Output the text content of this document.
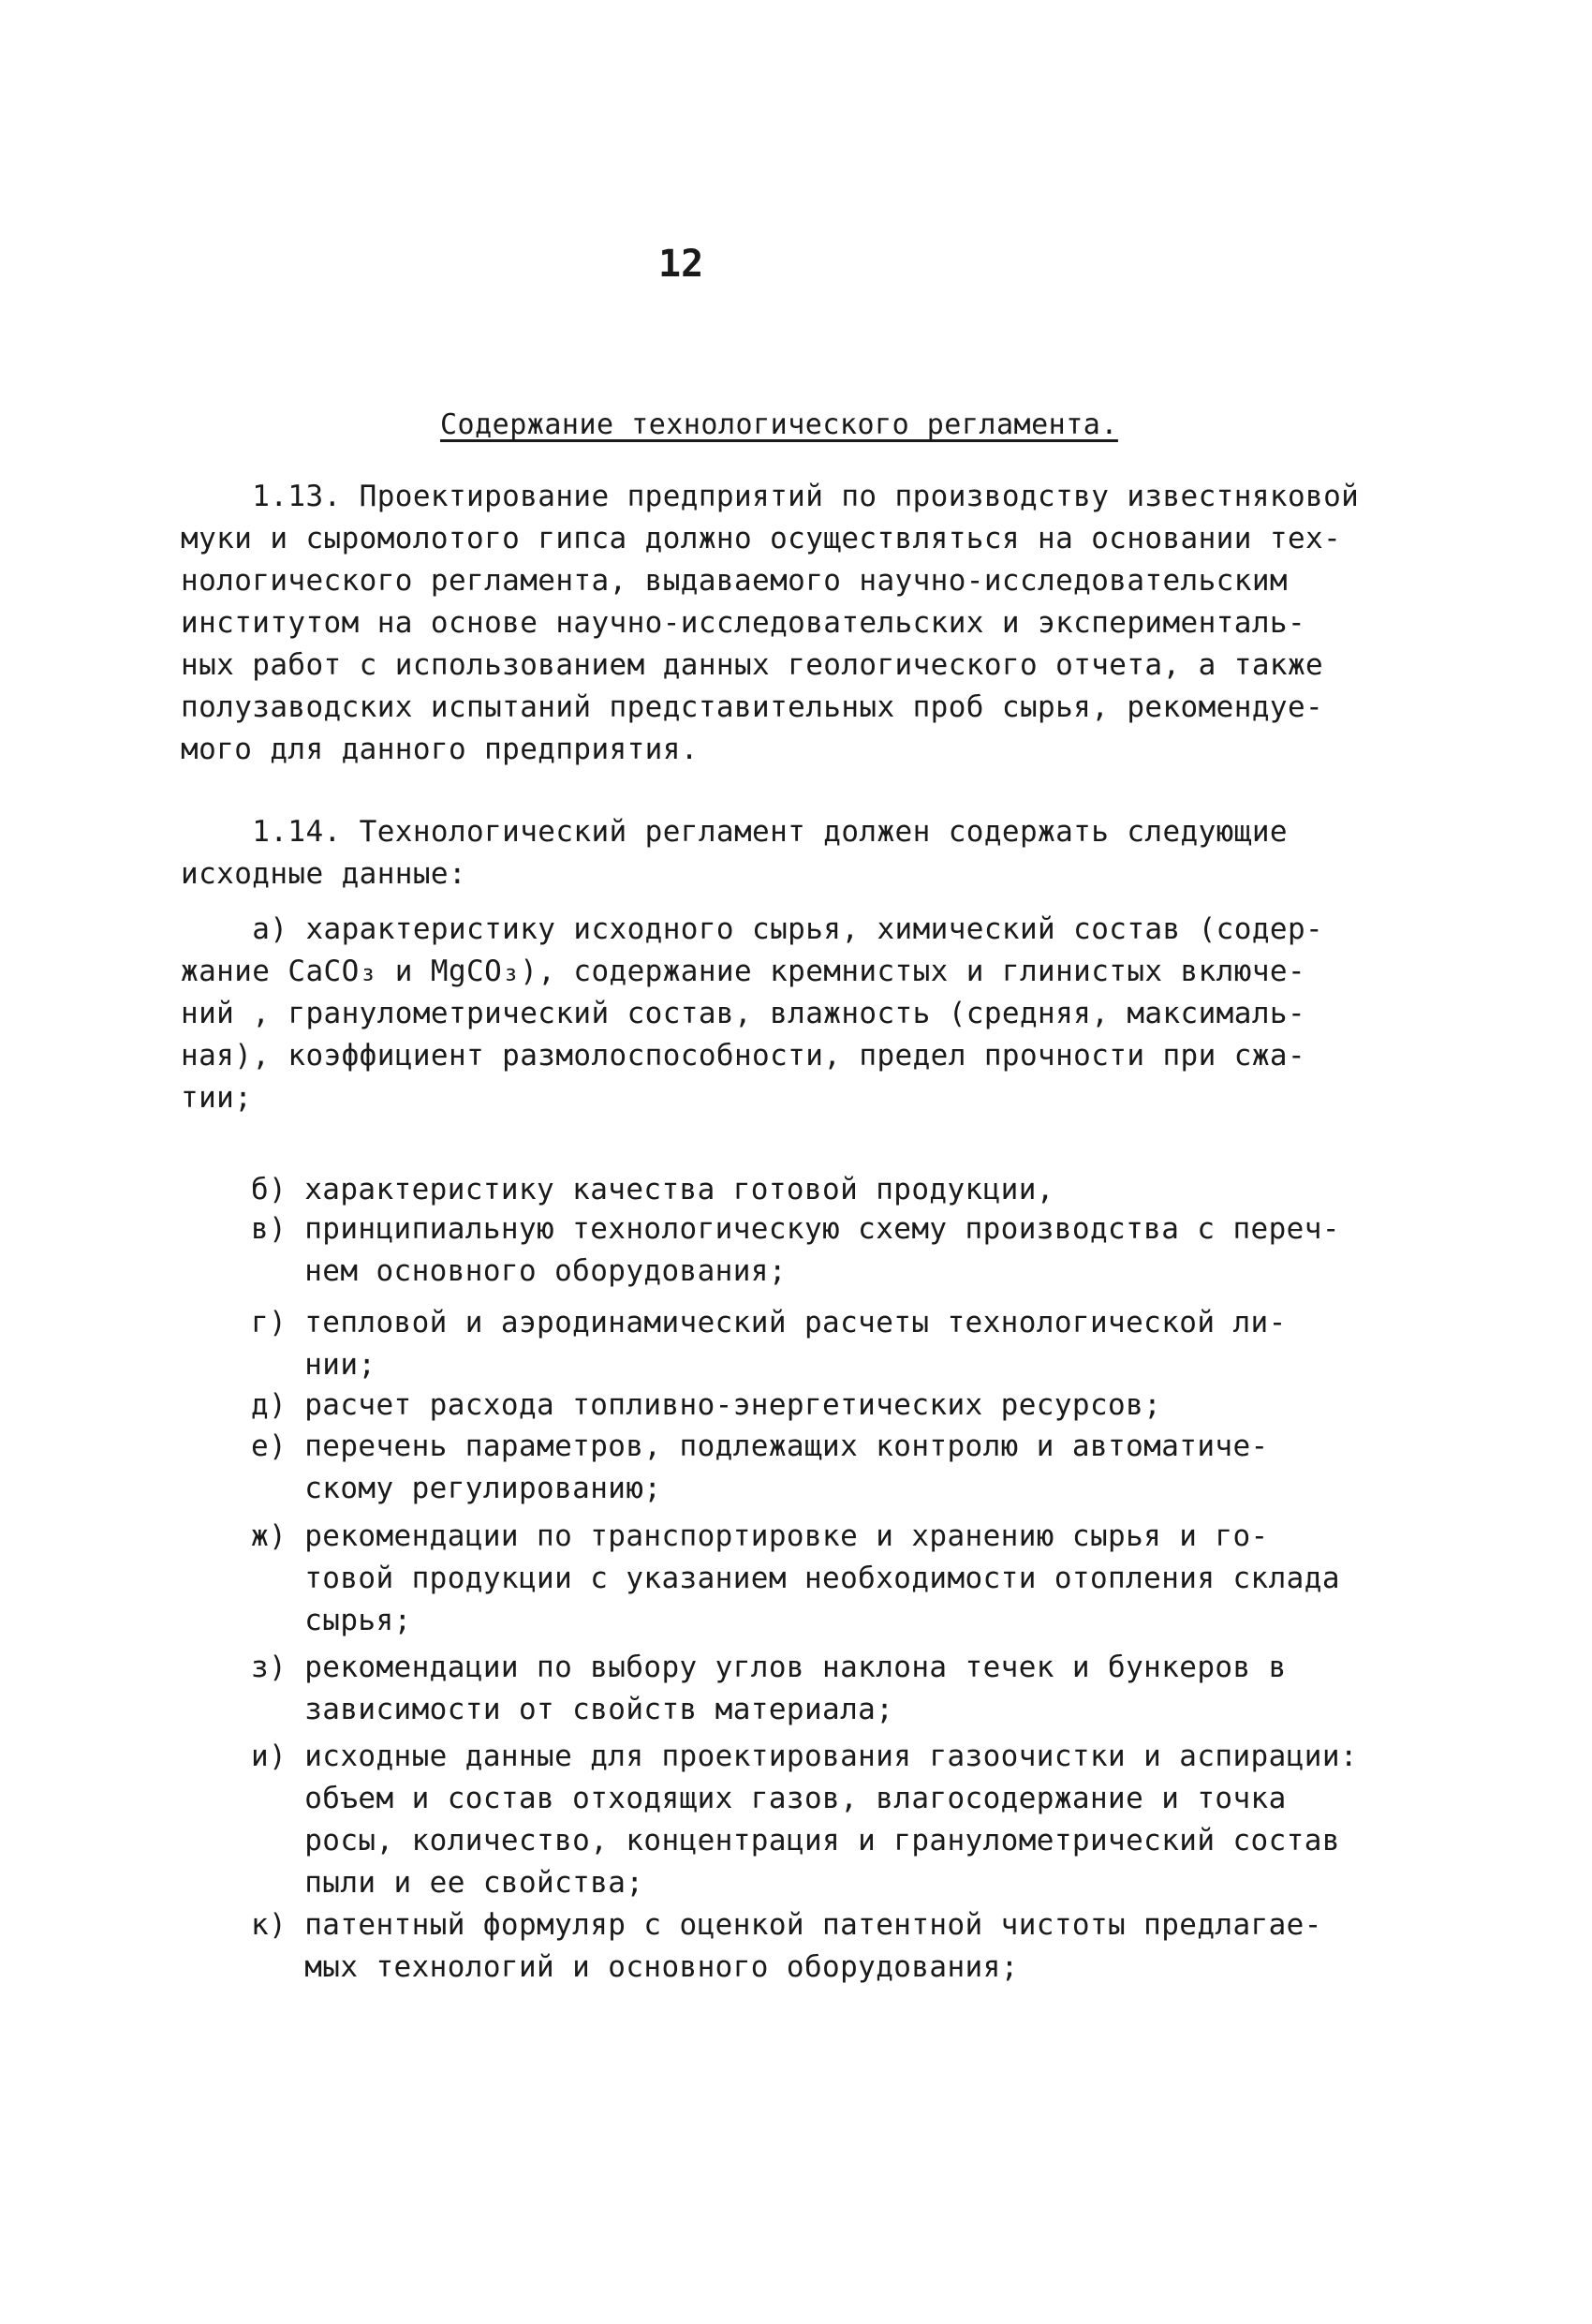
12
Содержание технологического регламента.
1.13. Проектирование предприятий по производству известняковой
муки и сыромолотого гипса должно осуществляться на основании тех-
нологического регламента, выдаваемого научно-исследовательским
институтом на основе научно-исследовательских и эксперименталь-
ных работ с использованием данных геологического отчета, а также
полузаводских испытаний представительных проб сырья, рекомендуе-
мого для данного предприятия.
1.14. Технологический регламент должен содержать следующие
исходные данные:
а) характеристику исходного сырья, химический состав (содер-
жание CaCO₃ и MgCO₃), содержание кремнистых и глинистых включе-
ний , гранулометрический состав, влажность (средняя, максималь-
ная), коэффициент размолоспособности, предел прочности при сжа-
тии;
б) характеристику качества готовой продукции,
в) принципиальную технологическую схему производства с переч-
нем основного оборудования;
г) тепловой и аэродинамический расчеты технологической ли-
нии;
д) расчет расхода топливно-энергетических ресурсов;
е) перечень параметров, подлежащих контролю и автоматиче-
скому регулированию;
ж) рекомендации по транспортировке и хранению сырья и го-
товой продукции с указанием необходимости отопления склада
сырья;
з) рекомендации по выбору углов наклона течек и бункеров в
зависимости от свойств материала;
и) исходные данные для проектирования газоочистки и аспирации:
объем и состав отходящих газов, влагосодержание и точка
росы, количество, концентрация и гранулометрический состав
пыли и ее свойства;
к) патентный формуляр с оценкой патентной чистоты предлагае-
мых технологий и основного оборудования;
